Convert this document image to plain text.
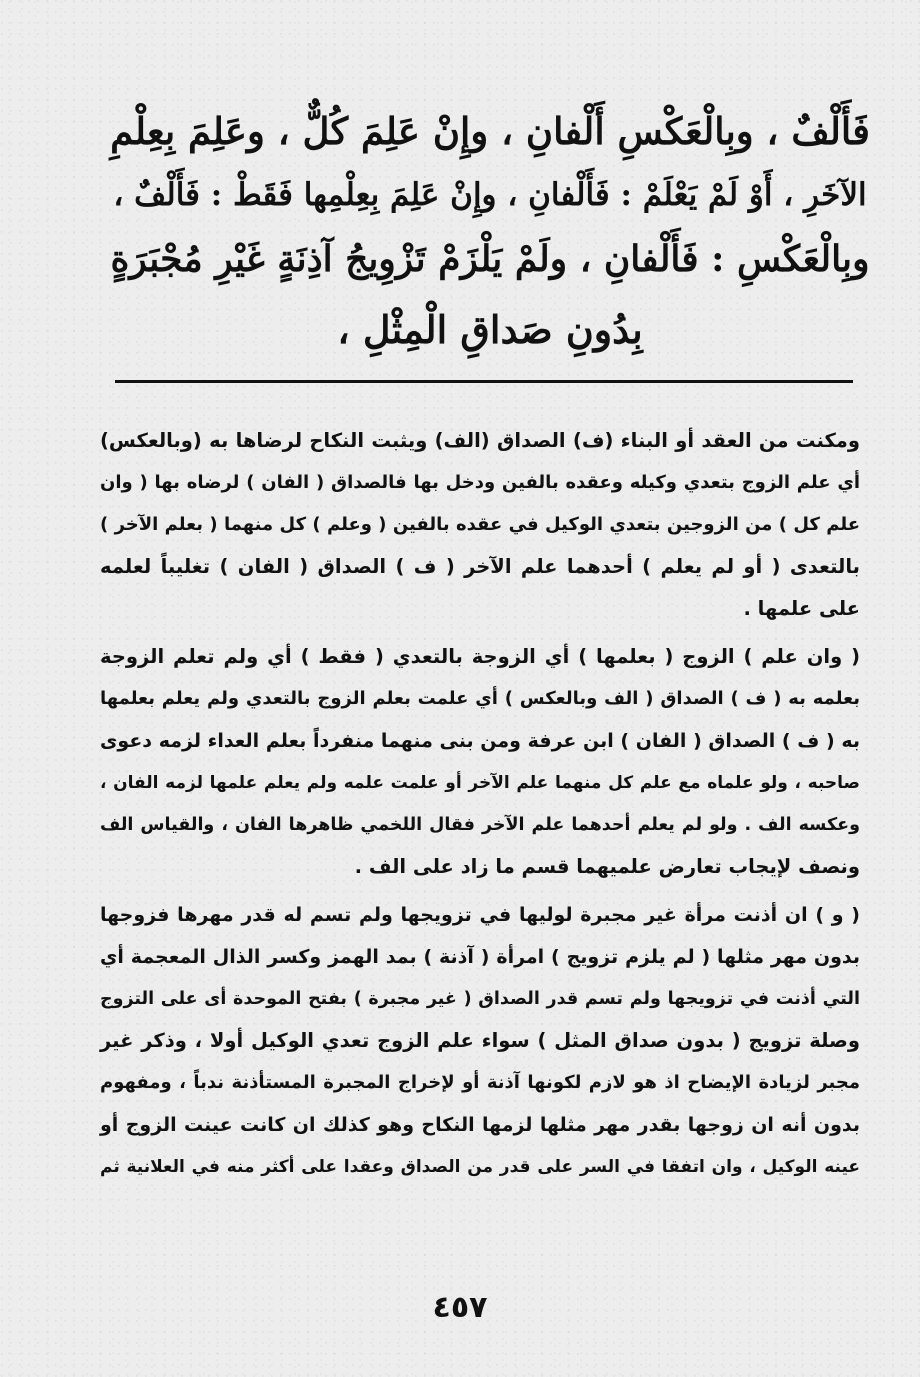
فَأَلْفٌ ، وبِالْعَكْسِ أَلْفانِ ، وإِنْ عَلِمَ كُلٌّ ، وعَلِمَ بِعِلْمِ
الآخَرِ ، أَوْ لَمْ يَعْلَمْ : فَأَلْفانِ ، وإِنْ عَلِمَ بِعِلْمِها فَقَطْ : فَأَلْفٌ ،
وبِالْعَكْسِ : فَأَلْفانِ ، ولَمْ يَلْزَمْ تَزْوِيجُ آذِنَةٍ غَيْرِ مُجْبَرَةٍ
بِدُونِ صَداقِ الْمِثْلِ ،
ومكنت من العقد أو البناء (ف) الصداق (الف) ويثبت النكاح لرضاها به (وبالعكس)
أي علم الزوج بتعدي وكيله وعقده بالفين ودخل بها فالصداق ( الفان ) لرضاه بها ( وان
علم كل ) من الزوجين بتعدي الوكيل في عقده بالفين ( وعلم ) كل منهما ( بعلم الآخر )
بالتعدى ( أو لم يعلم ) أحدهما علم الآخر ( ف ) الصداق ( الفان ) تغليباً لعلمه
على علمها .
( وان علم ) الزوج ( بعلمها ) أي الزوجة بالتعدي ( فقط ) أي ولم تعلم الزوجة
بعلمه به ( ف ) الصداق ( الف وبالعكس ) أي علمت بعلم الزوج بالتعدي ولم يعلم بعلمها
به ( ف ) الصداق ( الفان ) ابن عرفة ومن بنى منهما منفرداً بعلم العداء لزمه دعوى
صاحبه ، ولو علماه مع علم كل منهما علم الآخر أو علمت علمه ولم يعلم علمها لزمه الفان ،
وعكسه الف . ولو لم يعلم أحدهما علم الآخر فقال اللخمي ظاهرها الفان ، والقياس الف
ونصف لإيجاب تعارض علميهما قسم ما زاد على الف .
( و ) ان أذنت مرأة غير مجبرة لوليها في تزويجها ولم تسم له قدر مهرها فزوجها
بدون مهر مثلها ( لم يلزم تزويج ) امرأة ( آذنة ) بمد الهمز وكسر الذال المعجمة أي
التي أذنت في تزويجها ولم تسم قدر الصداق ( غير مجبرة ) بفتح الموحدة أى على التزوج
وصلة تزويج ( بدون صداق المثل ) سواء علم الزوج تعدي الوكيل أولا ، وذكر غير
مجبر لزيادة الإيضاح اذ هو لازم لكونها آذنة أو لإخراج المجبرة المستأذنة ندباً ، ومفهوم
بدون أنه ان زوجها بقدر مهر مثلها لزمها النكاح وهو كذلك ان كانت عينت الزوج أو
عينه الوكيل ، وان اتفقا في السر على قدر من الصداق وعقدا على أكثر منه في العلانية ثم
٤٥٧
